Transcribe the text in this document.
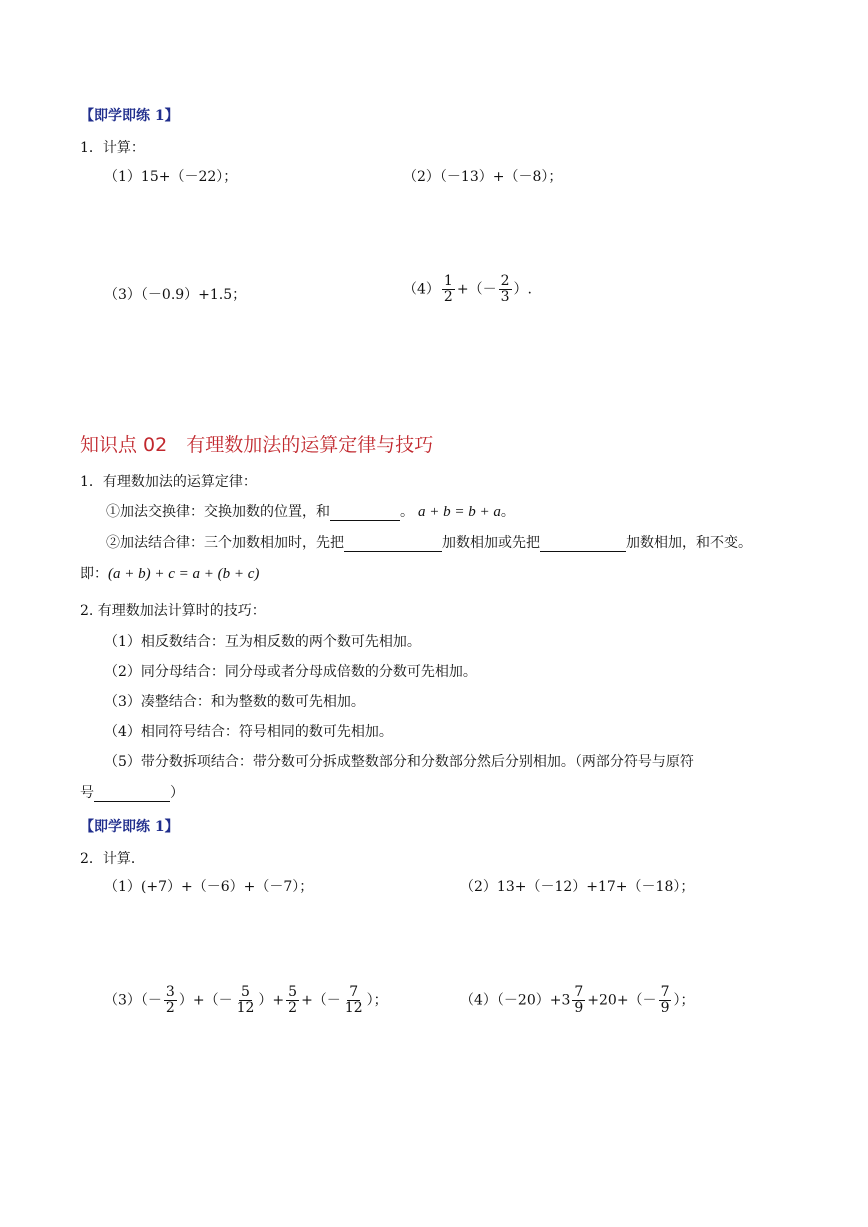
【即学即练 1】
1．计算：
（1）15+（－22）；	（2）（－13）+（－8）；
（3）（－0.9）+1.5；	$(4) \frac{1}{2}$ +（－ $\frac{2}{3}$ ）.
知识点 02　有理数加法的运算定律与技巧
1．有理数加法的运算定律：
①加法交换律：交换加数的位置，和	。 a + b = b + a。
②加法结合律：三个加数相加时，先把	加数相加或先把	加数相加，和不变。
即：(a + b) + c = a + (b + c)
2. 有理数加法计算时的技巧：
（1）相反数结合：互为相反数的两个数可先相加。
（2）同分母结合：同分母或者分母成倍数的分数可先相加。
（3）凑整结合：和为整数的数可先相加。
（4）相同符号结合：符号相同的数可先相加。
（5）带分数拆项结合：带分数可分拆成整数部分和分数部分然后分别相加。（两部分符号与原符
号	）
【即学即练 1】
2．计算．
（1）(+7）+（－6）+（－7）；	（2）13+（－12）+17+（－18）；
$(3)(- \frac{3}{2}$ ）+（－ $\frac{5}{12}$ ）+ $\frac{5}{2}$ +（－ $\frac{7}{12}$ ）；	$(4)(-20)+3 \frac{7}{9} +20+(- \frac{7}{9}$ ）；
